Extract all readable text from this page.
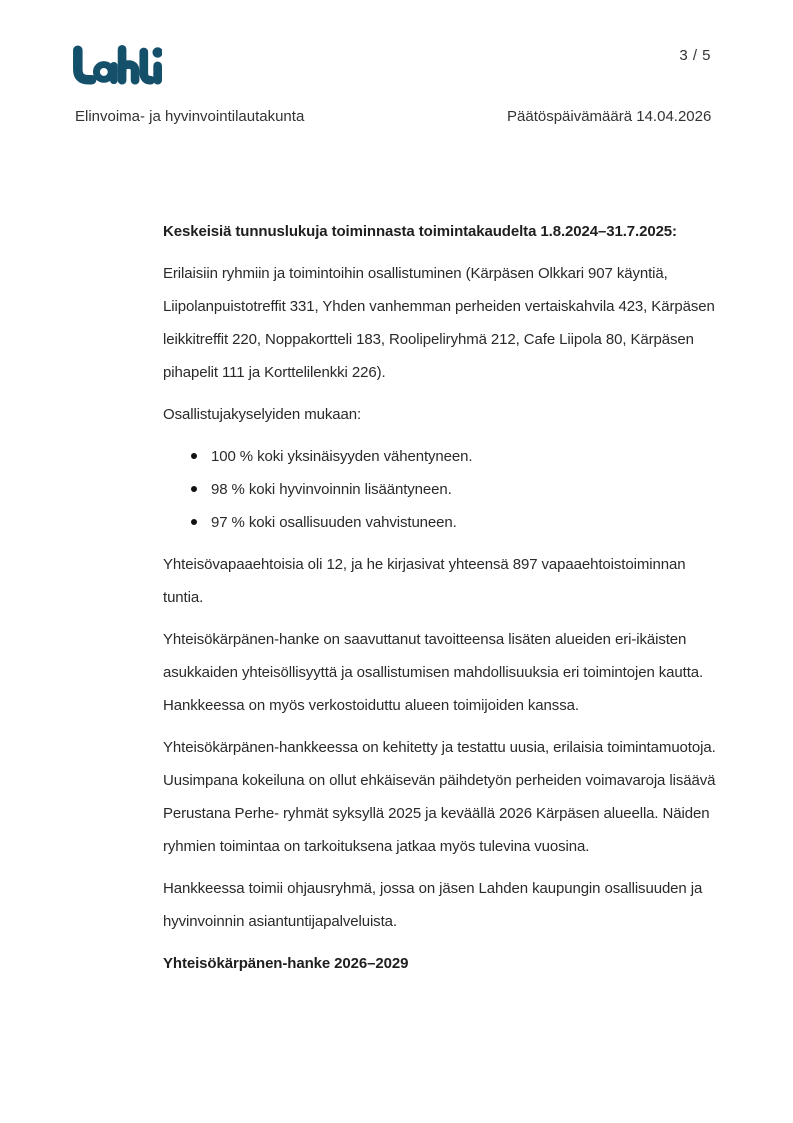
3 / 5
Elinvoima- ja hyvinvointilautakunta	Päätöspäivämäärä 14.04.2026
Keskeisiä tunnuslukuja toiminnasta toimintakaudelta 1.8.2024–31.7.2025:

Erilaisiin ryhmiin ja toimintoihin osallistuminen (Kärpäsen Olkkari 907 käyntiä, Liipolanpuistotreffit 331, Yhden vanhemman perheiden vertaiskahvila 423, Kärpäsen leikkitreffit 220, Noppakortteli 183, Roolipeliryhmä 212, Cafe Liipola 80, Kärpäsen pihapelit 111 ja Korttelilenkki 226).

Osallistujakyselyiden mukaan:

100 % koki yksinäisyyden vähentyneen.
98 % koki hyvinvoinnin lisääntyneen.
97 % koki osallisuuden vahvistuneen.

Yhteisövapaaehtoisia oli 12, ja he kirjasivat yhteensä 897 vapaaehtoistoiminnan tuntia.

Yhteisökärpänen-hanke on saavuttanut tavoitteensa lisäten alueiden eri-ikäisten asukkaiden yhteisöllisyyttä ja osallistumisen mahdollisuuksia eri toimintojen kautta. Hankkeessa on myös verkostoiduttu alueen toimijoiden kanssa.

Yhteisökärpänen-hankkeessa on kehitetty ja testattu uusia, erilaisia toimintamuotoja. Uusimpana kokeiluna on ollut ehkäisevän päihdetyön perheiden voimavaroja lisäävä Perustana Perhe- ryhmät syksyllä 2025 ja keväällä 2026 Kärpäsen alueella. Näiden ryhmien toimintaa on tarkoituksena jatkaa myös tulevina vuosina.

Hankkeessa toimii ohjausryhmä, jossa on jäsen Lahden kaupungin osallisuuden ja hyvinvoinnin asiantuntijapalveluista.

Yhteisökärpänen-hanke 2026–2029
